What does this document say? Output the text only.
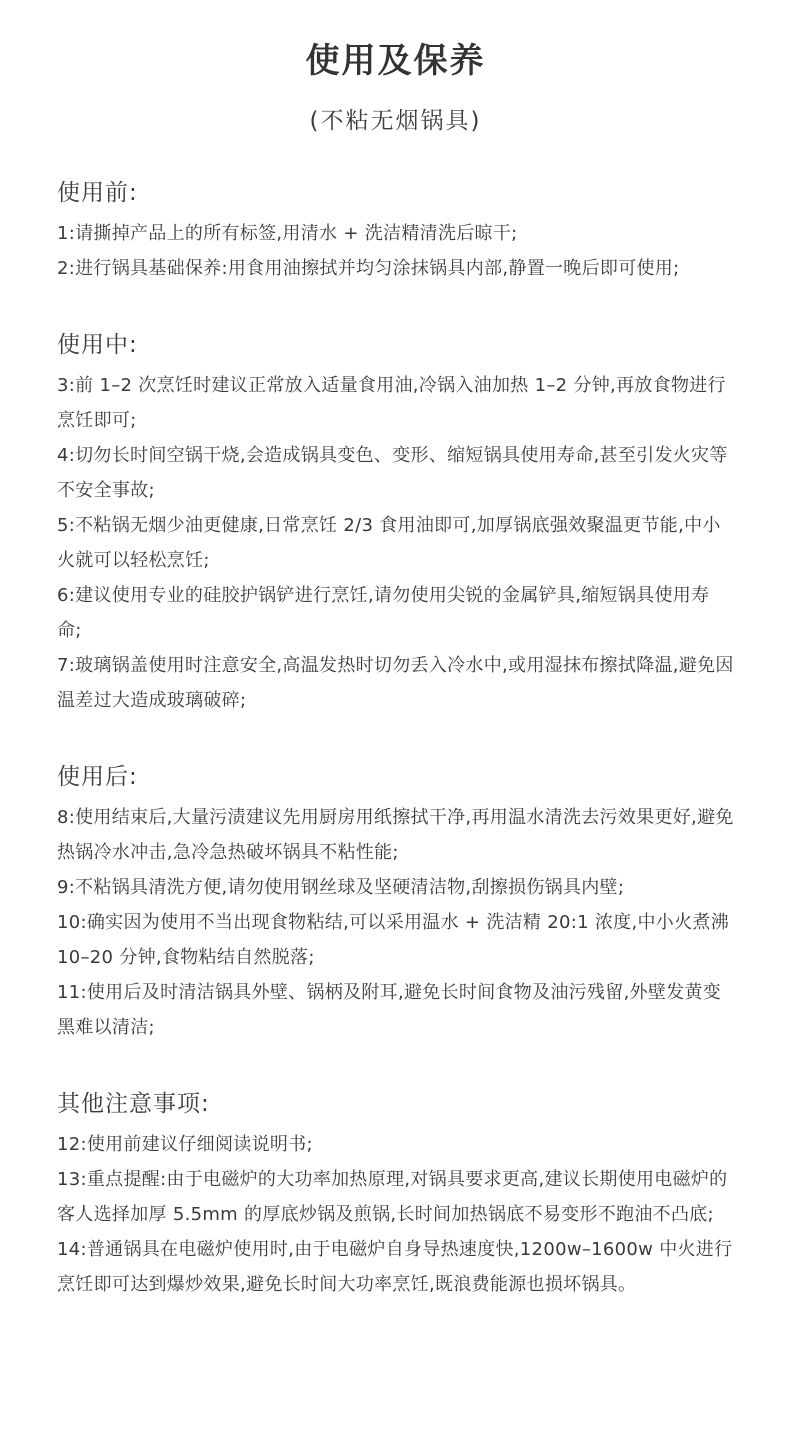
使用及保养
(不粘无烟锅具)
使用前:

1:请撕掉产品上的所有标签,用清水 + 洗洁精清洗后晾干;

2:进行锅具基础保养:用食用油擦拭并均匀涂抹锅具内部,静置一晚后即可使用;

使用中:

3:前 1–2 次烹饪时建议正常放入适量食用油,冷锅入油加热 1–2 分钟,再放食物进行烹饪即可;

4:切勿长时间空锅干烧,会造成锅具变色、变形、缩短锅具使用寿命,甚至引发火灾等不安全事故;

5:不粘锅无烟少油更健康,日常烹饪 2/3 食用油即可,加厚锅底强效聚温更节能,中小火就可以轻松烹饪;

6:建议使用专业的硅胶护锅铲进行烹饪,请勿使用尖锐的金属铲具,缩短锅具使用寿命;

7:玻璃锅盖使用时注意安全,高温发热时切勿丢入冷水中,或用湿抹布擦拭降温,避免因温差过大造成玻璃破碎;

使用后:

8:使用结束后,大量污渍建议先用厨房用纸擦拭干净,再用温水清洗去污效果更好,避免热锅冷水冲击,急冷急热破坏锅具不粘性能;

9:不粘锅具清洗方便,请勿使用钢丝球及坚硬清洁物,刮擦损伤锅具内壁;

10:确实因为使用不当出现食物粘结,可以采用温水 + 洗洁精 20:1 浓度,中小火煮沸 10–20 分钟,食物粘结自然脱落;

11:使用后及时清洁锅具外壁、锅柄及附耳,避免长时间食物及油污残留,外壁发黄变黑难以清洁;

其他注意事项:

12:使用前建议仔细阅读说明书;

13:重点提醒:由于电磁炉的大功率加热原理,对锅具要求更高,建议长期使用电磁炉的客人选择加厚 5.5mm 的厚底炒锅及煎锅,长时间加热锅底不易变形不跑油不凸底;

14:普通锅具在电磁炉使用时,由于电磁炉自身导热速度快,1200w–1600w 中火进行烹饪即可达到爆炒效果,避免长时间大功率烹饪,既浪费能源也损坏锅具。
